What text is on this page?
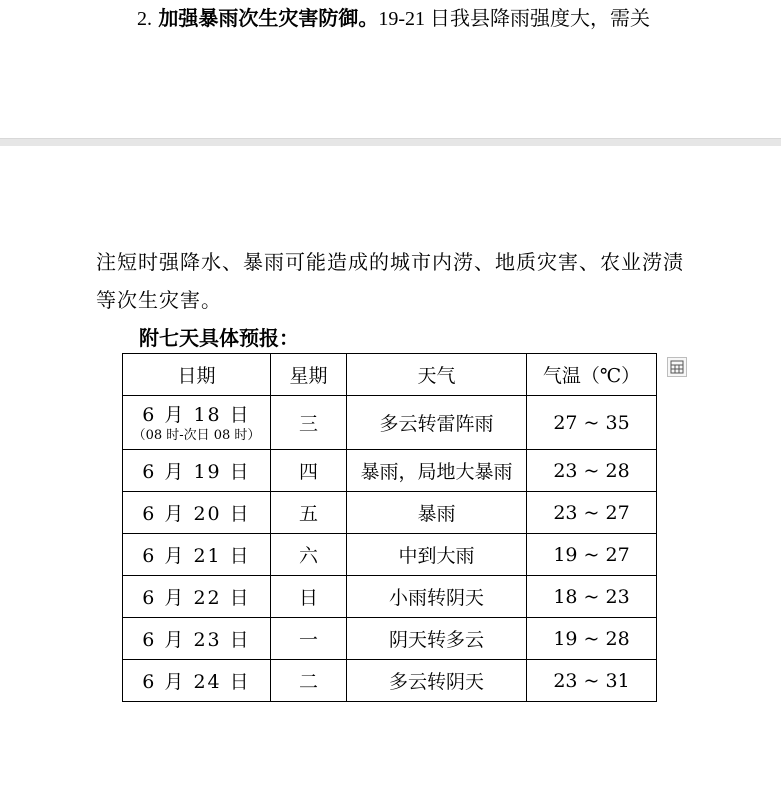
2. 加强暴雨次生灾害防御。19-21 日我县降雨强度大，需关
注短时强降水、暴雨可能造成的城市内涝、地质灾害、农业涝渍
等次生灾害。
附七天具体预报：
日期	星期	天气	气温（℃）

6 月 18 日
（08 时-次日 08 时）	三	多云转雷阵雨	27 ~ 35
6 月 19 日	四	暴雨，局地大暴雨	23 ~ 28
6 月 20 日	五	暴雨	23 ~ 27
6 月 21 日	六	中到大雨	19 ~ 27
6 月 22 日	日	小雨转阴天	18 ~ 23
6 月 23 日	一	阴天转多云	19 ~ 28
6 月 24 日	二	多云转阴天	23 ~ 31
